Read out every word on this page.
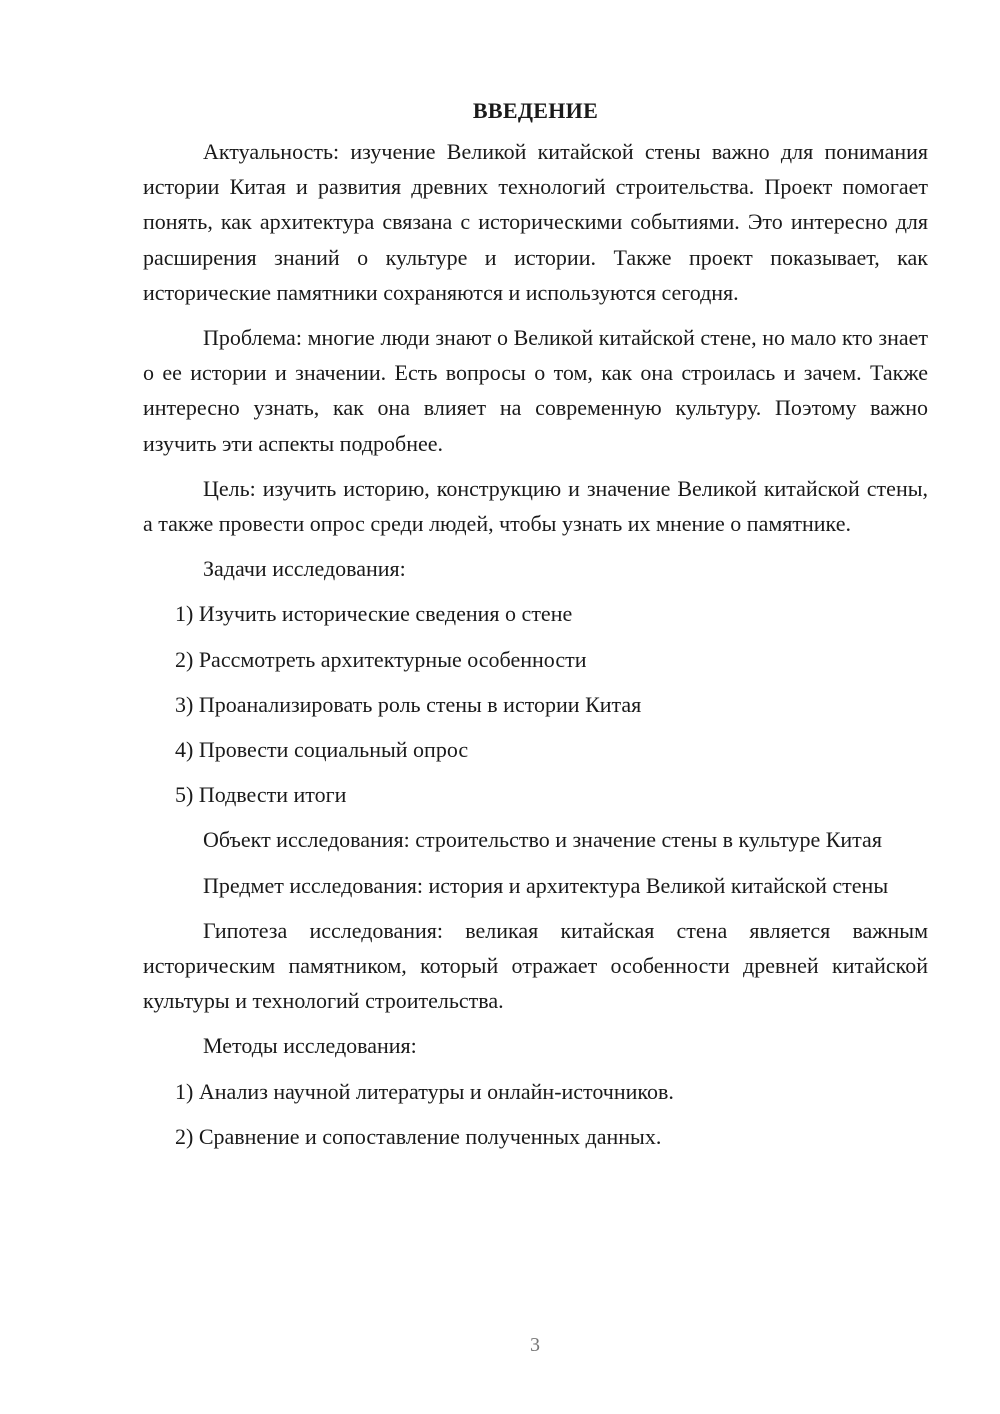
ВВЕДЕНИЕ

Актуальность: изучение Великой китайской стены важно для понимания истории Китая и развития древних технологий строительства. Проект помогает понять, как архитектура связана с историческими событиями. Это интересно для расширения знаний о культуре и истории. Также проект показывает, как исторические памятники сохраняются и используются сегодня.

Проблема: многие люди знают о Великой китайской стене, но мало кто знает о ее истории и значении. Есть вопросы о том, как она строилась и зачем. Также интересно узнать, как она влияет на современную культуру. Поэтому важно изучить эти аспекты подробнее.

Цель: изучить историю, конструкцию и значение Великой китайской стены, а также провести опрос среди людей, чтобы узнать их мнение о памятнике.

Задачи исследования:

1) Изучить исторические сведения о стене
2) Рассмотреть архитектурные особенности
3) Проанализировать роль стены в истории Китая
4) Провести социальный опрос
5) Подвести итоги

Объект исследования: строительство и значение стены в культуре Китая

Предмет исследования: история и архитектура Великой китайской стены

Гипотеза исследования: великая китайская стена является важным историческим памятником, который отражает особенности древней китайской культуры и технологий строительства.

Методы исследования:

1) Анализ научной литературы и онлайн-источников.
2) Сравнение и сопоставление полученных данных.
3
